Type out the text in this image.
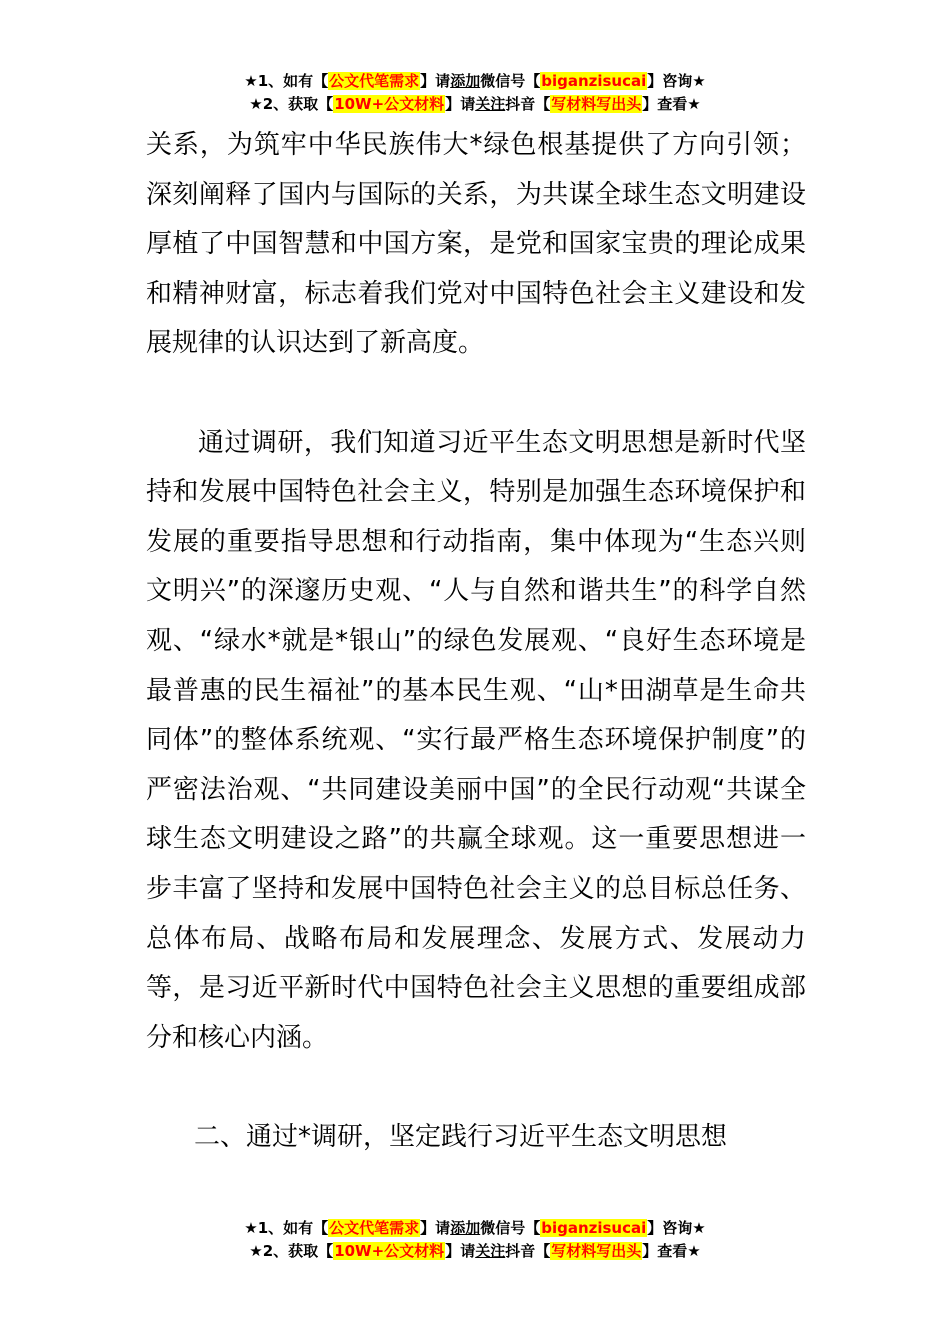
★1、如有【公文代笔需求】请添加微信号【biganzisucai】咨询★
★2、获取【10W+公文材料】请关注抖音【写材料写出头】查看★

关系，为筑牢中华民族伟大*绿色根基提供了方向引领；深刻阐释了国内与国际的关系，为共谋全球生态文明建设厚植了中国智慧和中国方案，是党和国家宝贵的理论成果和精神财富，标志着我们党对中国特色社会主义建设和发展规律的认识达到了新高度。

通过调研，我们知道习近平生态文明思想是新时代坚持和发展中国特色社会主义，特别是加强生态环境保护和发展的重要指导思想和行动指南，集中体现为“生态兴则文明兴”的深邃历史观、“人与自然和谐共生”的科学自然观、“绿水*就是*银山”的绿色发展观、“良好生态环境是最普惠的民生福祉”的基本民生观、“山*田湖草是生命共同体”的整体系统观、“实行最严格生态环境保护制度”的严密法治观、“共同建设美丽中国”的全民行动观“共谋全球生态文明建设之路”的共赢全球观。这一重要思想进一步丰富了坚持和发展中国特色社会主义的总目标总任务、总体布局、战略布局和发展理念、发展方式、发展动力等，是习近平新时代中国特色社会主义思想的重要组成部分和核心内涵。

二、通过*调研，坚定践行习近平生态文明思想

★1、如有【公文代笔需求】请添加微信号【biganzisucai】咨询★
★2、获取【10W+公文材料】请关注抖音【写材料写出头】查看★
